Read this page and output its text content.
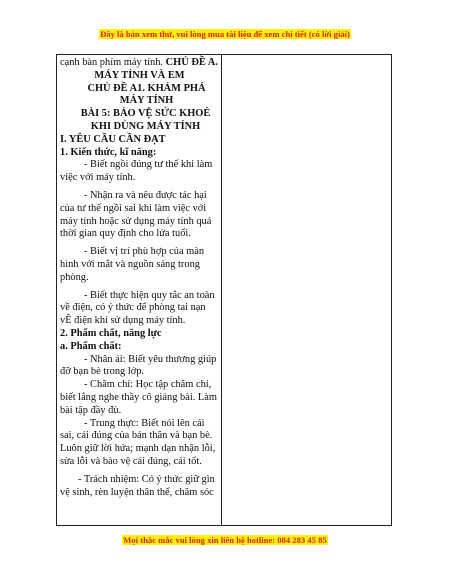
Đây là bản xem thử, vui lòng mua tài liệu để xem chi tiết (có lời giải)

cạnh bàn phím máy tính. CHỦ ĐỀ A.

MÁY TÍNH VÀ EM

CHỦ ĐỀ A1. KHÁM PHÁ MÁY TÍNH

BÀI 5: BẢO VỆ SỨC KHOẺ KHI DÙNG MÁY TÍNH

I. YÊU CẦU CẦN ĐẠT

1. Kiến thức, kĩ năng:

- Biết ngồi đúng tư thế khi làm việc với máy tính.

- Nhận ra và nêu được tác hại của tư thế ngồi sai khi làm việc với máy tính hoặc sử dụng máy tính quá thời gian quy định cho lứa tuổi.

- Biết vị trí phù hợp của màn hình với mắt và nguồn sáng trong phòng.

- Biết thực hiện quy tắc an toàn về điện, có ý thức để phòng tai nạn vÊ điện khi sử dụng máy tính.

2. Phẩm chất, năng lực

a. Phẩm chất:

- Nhân ái: Biết yêu thương giúp đỡ bạn bè trong lớp.

- Chăm chỉ: Học tập chăm chỉ, biết lắng nghe thầy cô giảng bài. Làm bài tập đầy đủ.

- Trung thực: Biết nói lên cái sai, cái đúng của bản thân và bạn bè. Luôn giữ lời hứa; mạnh dạn nhận lỗi, sửa lỗi và bảo vệ cái đúng, cái tốt.

- Trách nhiệm: Có ý thức giữ gìn vệ sinh, rèn luyện thân thể, chăm sóc

Mọi thắc mắc vui lòng xin liên hệ hotline: 084 283 45 85
